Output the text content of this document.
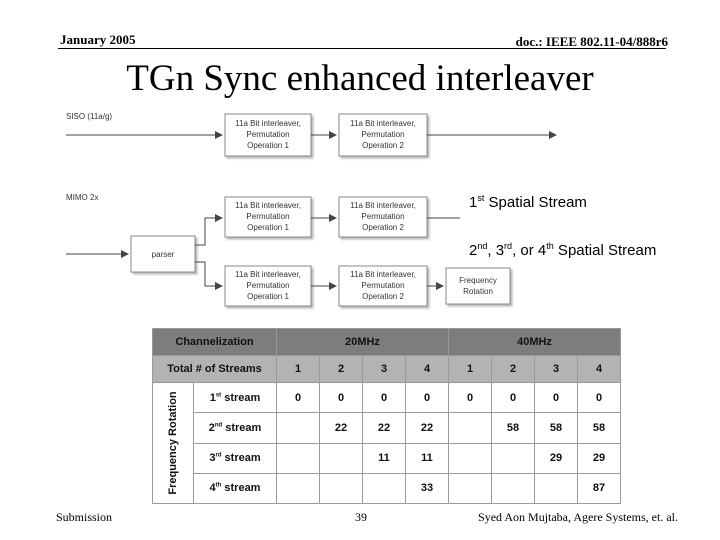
January 2005	doc.: IEEE 802.11-04/888r6
TGn Sync enhanced interleaver
SISO (11a/g)
11a Bit interleaver,
Permutation
Operation 1
11a Bit interleaver,
Permutation
Operation 2
MIMO 2x
parser
11a Bit interleaver,
Permutation
Operation 1
11a Bit interleaver,
Permutation
Operation 2
11a Bit interleaver,
Permutation
Operation 1
11a Bit interleaver,
Permutation
Operation 2
Frequency
Rotation
1st Spatial Stream
2nd, 3rd, or 4th Spatial Stream
Channelization		20MHz				40MHz			
Total # of Streams		1	2	3	4	1	2	3	4

Frequency Rotation	1st stream	0	0	0	0	0	0	0	0
	2nd stream		22	22	22		58	58	58
	3rd stream			11	11			29	29
	4th stream				33				87
Submission	39	Syed Aon Mujtaba, Agere Systems, et. al.
